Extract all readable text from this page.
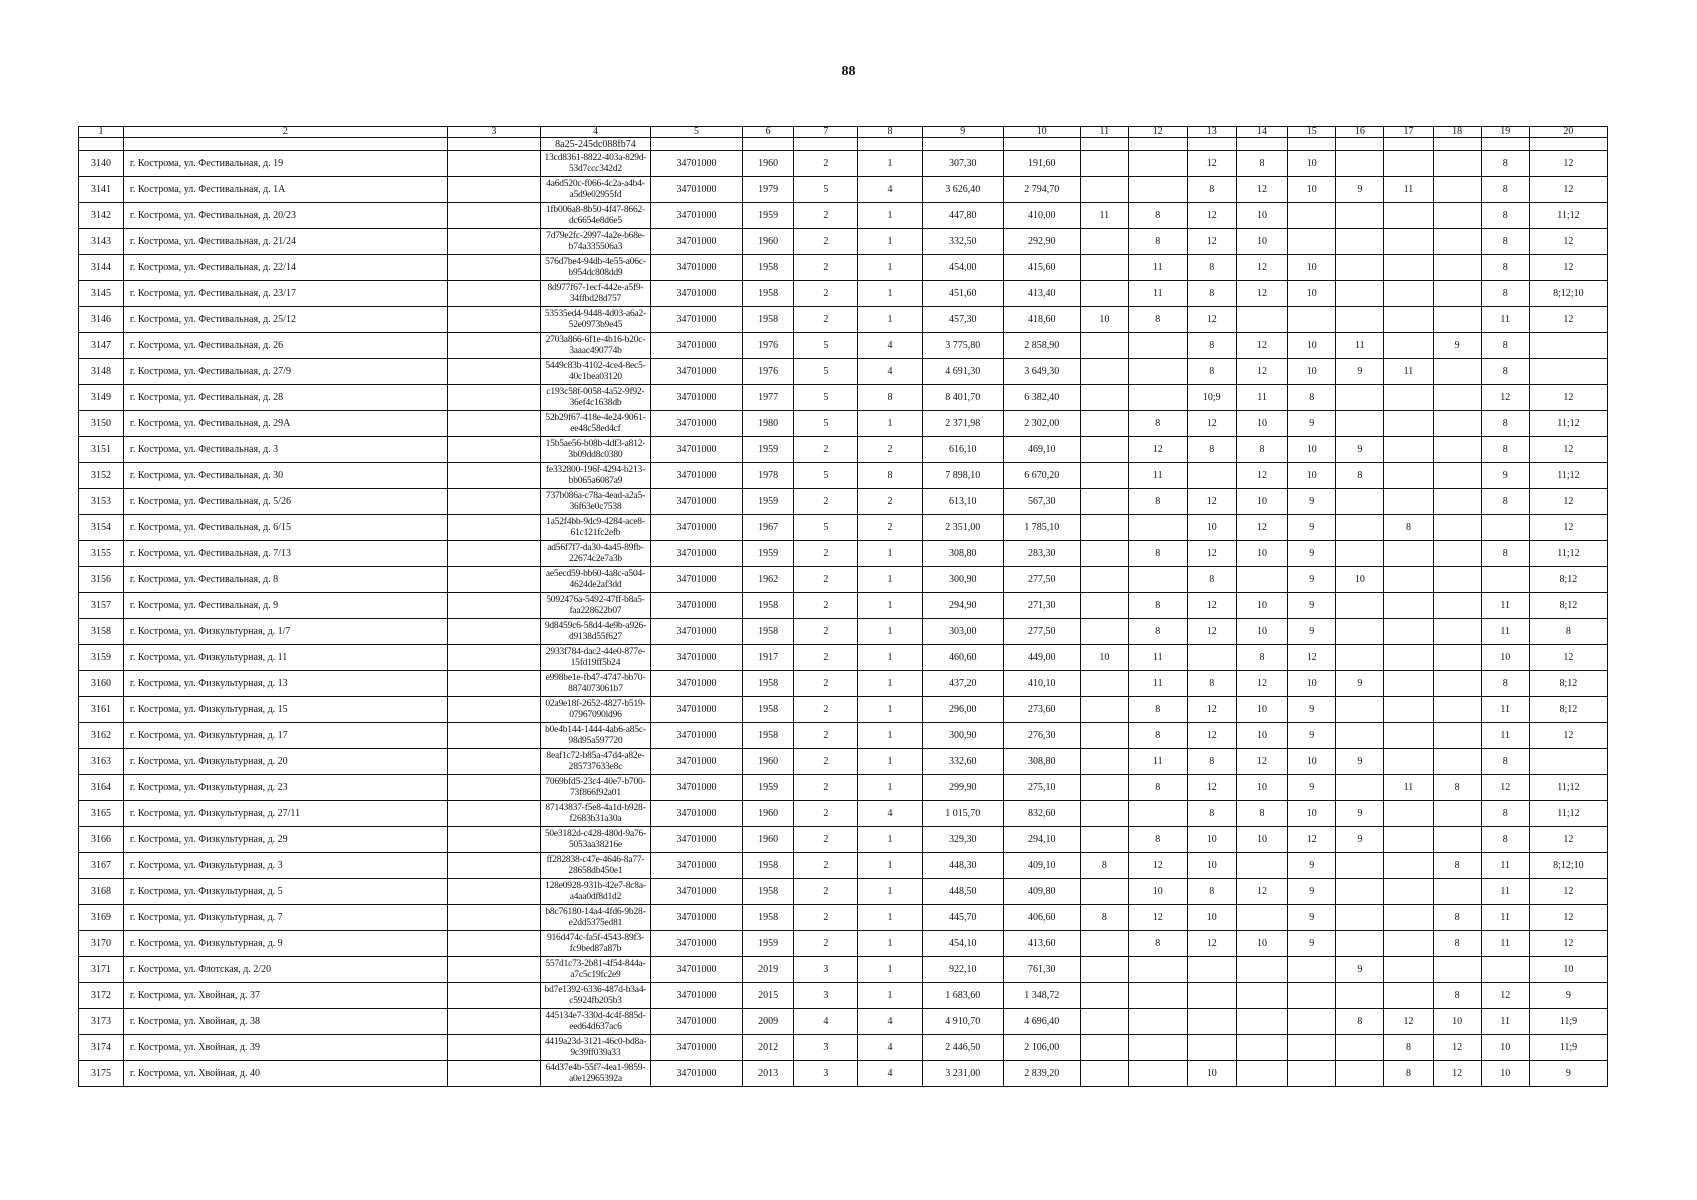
88
1	2	3	4	5	6	7	8	9	10	11	12	13	14	15	16	17	18	19	20
			8a25-245dc088fb74																
3140	г. Кострома, ул. Фестивальная, д. 19		13cd8361-8822-403a-829d-53d7ccc342d2	34701000	1960	2	1	307,30	191,60			12	8	10				8	12
3141	г. Кострома, ул. Фестивальная, д. 1А		4a6d520c-f066-4c2a-a4b4-a5d9e02955fd	34701000	1979	5	4	3 626,40	2 794,70			8	12	10	9	11		8	12
3142	г. Кострома, ул. Фестивальная, д. 20/23		1fb006a8-8b50-4f47-8662-dc6654e8d6e5	34701000	1959	2	1	447,80	410,00	11	8	12	10					8	11;12
3143	г. Кострома, ул. Фестивальная, д. 21/24		7d79e2fc-2997-4a2e-b68e-b74a335506a3	34701000	1960	2	1	332,50	292,90		8	12	10					8	12
3144	г. Кострома, ул. Фестивальная, д. 22/14		576d7be4-94db-4e55-a06c-b954dc808dd9	34701000	1958	2	1	454,00	415,60		11	8	12	10				8	12
3145	г. Кострома, ул. Фестивальная, д. 23/17		8d977f67-1ecf-442e-a5f9-34ffbd28d757	34701000	1958	2	1	451,60	413,40		11	8	12	10				8	8;12;10
3146	г. Кострома, ул. Фестивальная, д. 25/12		53535ed4-9448-4d03-a6a2-52e0973b9e45	34701000	1958	2	1	457,30	418,60	10	8	12						11	12
3147	г. Кострома, ул. Фестивальная, д. 26		2703a866-6f1e-4b16-b20c-3aaac490774b	34701000	1976	5	4	3 775,80	2 858,90			8	12	10	11		9	8	
3148	г. Кострома, ул. Фестивальная, д. 27/9		5449c83b-4102-4ce4-8ec5-40c1bea03120	34701000	1976	5	4	4 691,30	3 649,30			8	12	10	9	11		8	
3149	г. Кострома, ул. Фестивальная, д. 28		c193c58f-0058-4a52-9f92-36ef4c1638db	34701000	1977	5	8	8 401,70	6 382,40			10;9	11	8				12	12
3150	г. Кострома, ул. Фестивальная, д. 29А		52b29f67-418e-4e24-9061-ee48c58ed4cf	34701000	1980	5	1	2 371,98	2 302,00		8	12	10	9				8	11;12
3151	г. Кострома, ул. Фестивальная, д. 3		15b5ae56-b08b-4df3-a812-3b09dd8c0380	34701000	1959	2	2	616,10	469,10		12	8	8	10	9			8	12
3152	г. Кострома, ул. Фестивальная, д. 30		fe332800-196f-4294-b213-bb065a6087a9	34701000	1978	5	8	7 898,10	6 670,20		11		12	10	8			9	11;12
3153	г. Кострома, ул. Фестивальная, д. 5/26		737b086a-c78a-4ead-a2a5-36f63e0c7538	34701000	1959	2	2	613,10	567,30		8	12	10	9				8	12
3154	г. Кострома, ул. Фестивальная, д. 6/15		1a52f4bb-9dc9-4284-ace8-61c121fc2efb	34701000	1967	5	2	2 351,00	1 785,10			10	12	9		8			12
3155	г. Кострома, ул. Фестивальная, д. 7/13		ad56f7f7-da30-4a45-89fb-22674c2e7a3b	34701000	1959	2	1	308,80	283,30		8	12	10	9				8	11;12
3156	г. Кострома, ул. Фестивальная, д. 8		ae5ecd59-bb60-4a8c-a504-4624de2af3dd	34701000	1962	2	1	300,90	277,50			8		9	10				8;12
3157	г. Кострома, ул. Фестивальная, д. 9		5092476a-5492-47ff-b8a5-faa228622b07	34701000	1958	2	1	294,90	271,30		8	12	10	9				11	8;12
3158	г. Кострома, ул. Физкультурная, д. 1/7		9d8459c6-58d4-4e9b-a926-d9138d55f627	34701000	1958	2	1	303,00	277,50		8	12	10	9				11	8
3159	г. Кострома, ул. Физкультурная, д. 11		2933f784-dac2-44e0-877e-15fd19ff5b24	34701000	1917	2	1	460,60	449,00	10	11		8	12				10	12
3160	г. Кострома, ул. Физкультурная, д. 13		e998be1e-fb47-4747-bb70-8874073061b7	34701000	1958	2	1	437,20	410,10		11	8	12	10	9			8	8;12
3161	г. Кострома, ул. Физкультурная, д. 15		02a9e18f-2652-4827-b519-07967090ld96	34701000	1958	2	1	296,00	273,60		8	12	10	9				11	8;12
3162	г. Кострома, ул. Физкультурная, д. 17		b0e4b144-1444-4ab6-a85c-98d95a597720	34701000	1958	2	1	300,90	276,30		8	12	10	9				11	12
3163	г. Кострома, ул. Физкультурная, д. 20		8eaf1c72-b85a-47d4-a82e-285737633e8c	34701000	1960	2	1	332,60	308,80		11	8	12	10	9			8	
3164	г. Кострома, ул. Физкультурная, д. 23		7069bfd5-23c4-40e7-b700-73f866f92a01	34701000	1959	2	1	299,90	275,10		8	12	10	9		11	8	12	11;12
3165	г. Кострома, ул. Физкультурная, д. 27/11		87143837-f5e8-4a1d-b928-f2683b31a30a	34701000	1960	2	4	1 015,70	832,60			8	8	10	9			8	11;12
3166	г. Кострома, ул. Физкультурная, д. 29		50e3182d-c428-480d-9a76-5053aa38216e	34701000	1960	2	1	329,30	294,10		8	10	10	12	9			8	12
3167	г. Кострома, ул. Физкультурная, д. 3		ff282838-c47e-4646-8a77-28658db450e1	34701000	1958	2	1	448,30	409,10	8	12	10		9			8	11	8;12;10
3168	г. Кострома, ул. Физкультурная, д. 5		128e0928-931b-42e7-8c8a-a4aa0df8d1d2	34701000	1958	2	1	448,50	409,80		10	8	12	9				11	12
3169	г. Кострома, ул. Физкультурная, д. 7		b8c76180-14a4-4fd6-9b28-e2dd5375ed81	34701000	1958	2	1	445,70	406,60	8	12	10		9			8	11	12
3170	г. Кострома, ул. Физкультурная, д. 9		916d474c-fa5f-4543-89f3-fc9bed87a87b	34701000	1959	2	1	454,10	413,60		8	12	10	9			8	11	12
3171	г. Кострома, ул. Флотская, д. 2/20		557d1c73-2b81-4f54-844a-a7c5c19fc2e9	34701000	2019	3	1	922,10	761,30						9				10
3172	г. Кострома, ул. Хвойная, д. 37		bd7e1392-6336-487d-b3a4-c5924fb205b3	34701000	2015	3	1	1 683,60	1 348,72								8	12	9
3173	г. Кострома, ул. Хвойная, д. 38		445134e7-330d-4c4f-885d-eed64d637ac6	34701000	2009	4	4	4 910,70	4 696,40						8	12	10	11	11;9
3174	г. Кострома, ул. Хвойная, д. 39		4419a23d-3121-46c0-bd8a-9c39ff039a33	34701000	2012	3	4	2 446,50	2 106,00							8	12	10	11;9
3175	г. Кострома, ул. Хвойная, д. 40		64d37e4b-55f7-4ea1-9859-a0e12965392a	34701000	2013	3	4	3 231,00	2 839,20			10				8	12	10	9
